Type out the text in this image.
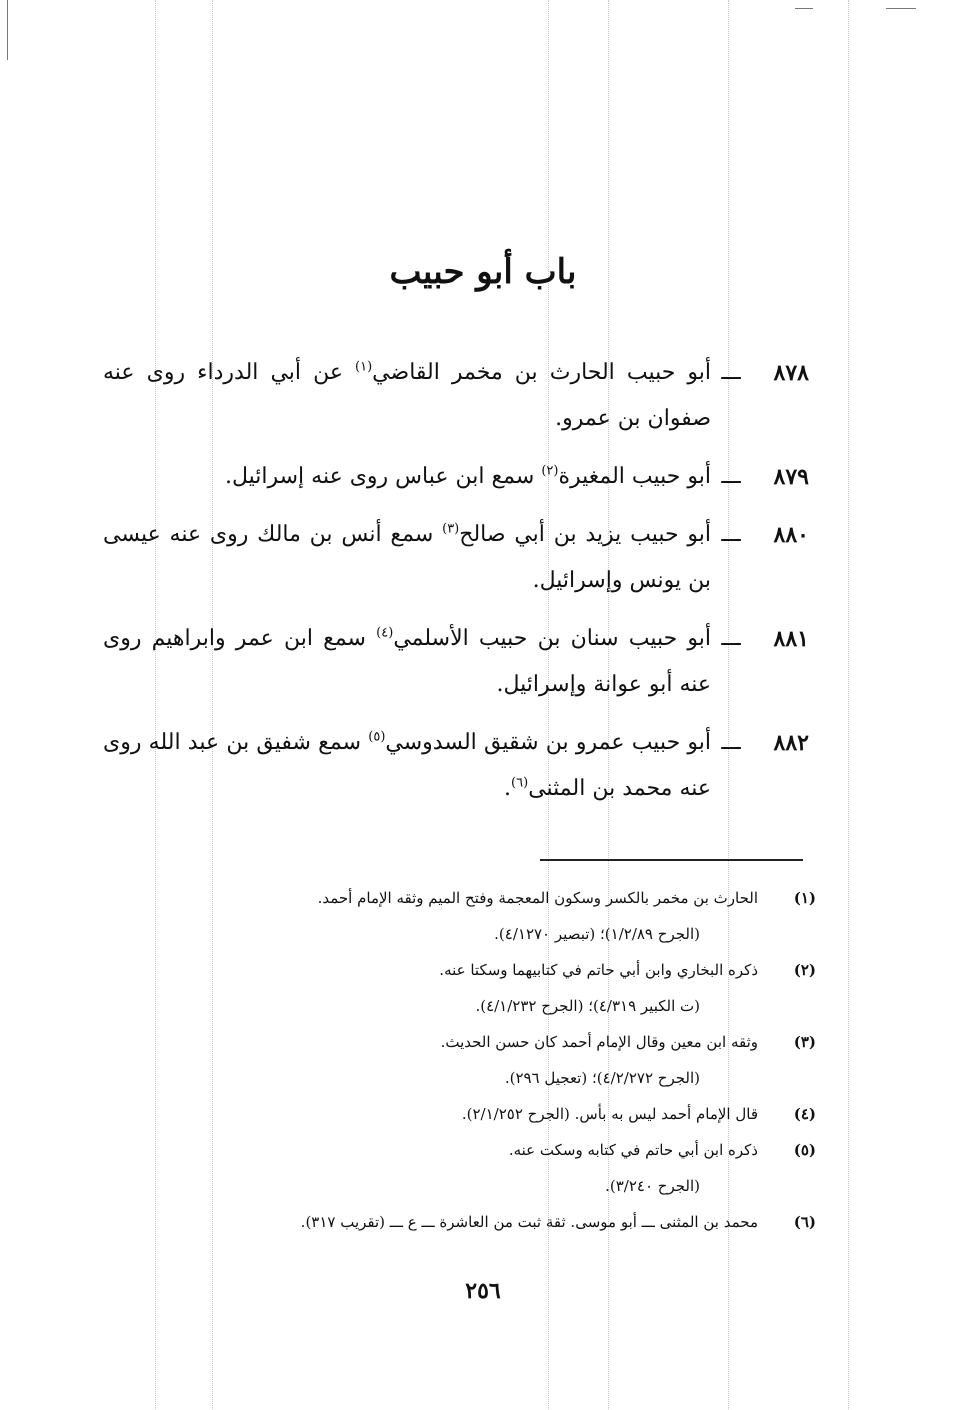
باب أبو حبيب
٨٧٨
ـــ
أبو حبيب الحارث بن مخمر القاضي$^{(١)}$ عن أبي الدرداء روى عنه صفوان بن عمرو.
٨٧٩
ـــ
أبو حبيب المغيرة$^{(٢)}$ سمع ابن عباس روى عنه إسرائيل.
٨٨٠
ـــ
أبو حبيب يزيد بن أبي صالح$^{(٣)}$ سمع أنس بن مالك روى عنه عيسى بن يونس وإسرائيل.
٨٨١
ـــ
أبو حبيب سنان بن حبيب الأسلمي$^{(٤)}$ سمع ابن عمر وابراهيم روى عنه أبو عوانة وإسرائيل.
٨٨٢
ـــ
أبو حبيب عمرو بن شقيق السدوسي$^{(٥)}$ سمع شفيق بن عبد الله روى عنه محمد بن المثنى$^{(٦)}$.
(١)
الحارث بن مخمر بالكسر وسكون المعجمة وفتح الميم وثقه الإمام أحمد.
(الجرح ١/٢/٨٩)؛ (تبصير ٤/١٢٧٠).
(٢)
ذكره البخاري وابن أبي حاتم في كتابيهما وسكتا عنه.
(ت الكبير ٤/٣١٩)؛ (الجرح ٤/١/٢٣٢).
(٣)
وثقه ابن معين وقال الإمام أحمد كان حسن الحديث.
(الجرح ٤/٢/٢٧٢)؛ (تعجيل ٢٩٦).
(٤)
قال الإمام أحمد ليس به بأس. (الجرح ٢/١/٢٥٢).
(٥)
ذكره ابن أبي حاتم في كتابه وسكت عنه.
(الجرح ٣/٢٤٠).
(٦)
محمد بن المثنى ـــ أبو موسى. ثقة ثبت من العاشرة ـــ ع ـــ (تقريب ٣١٧).
٢٥٦
